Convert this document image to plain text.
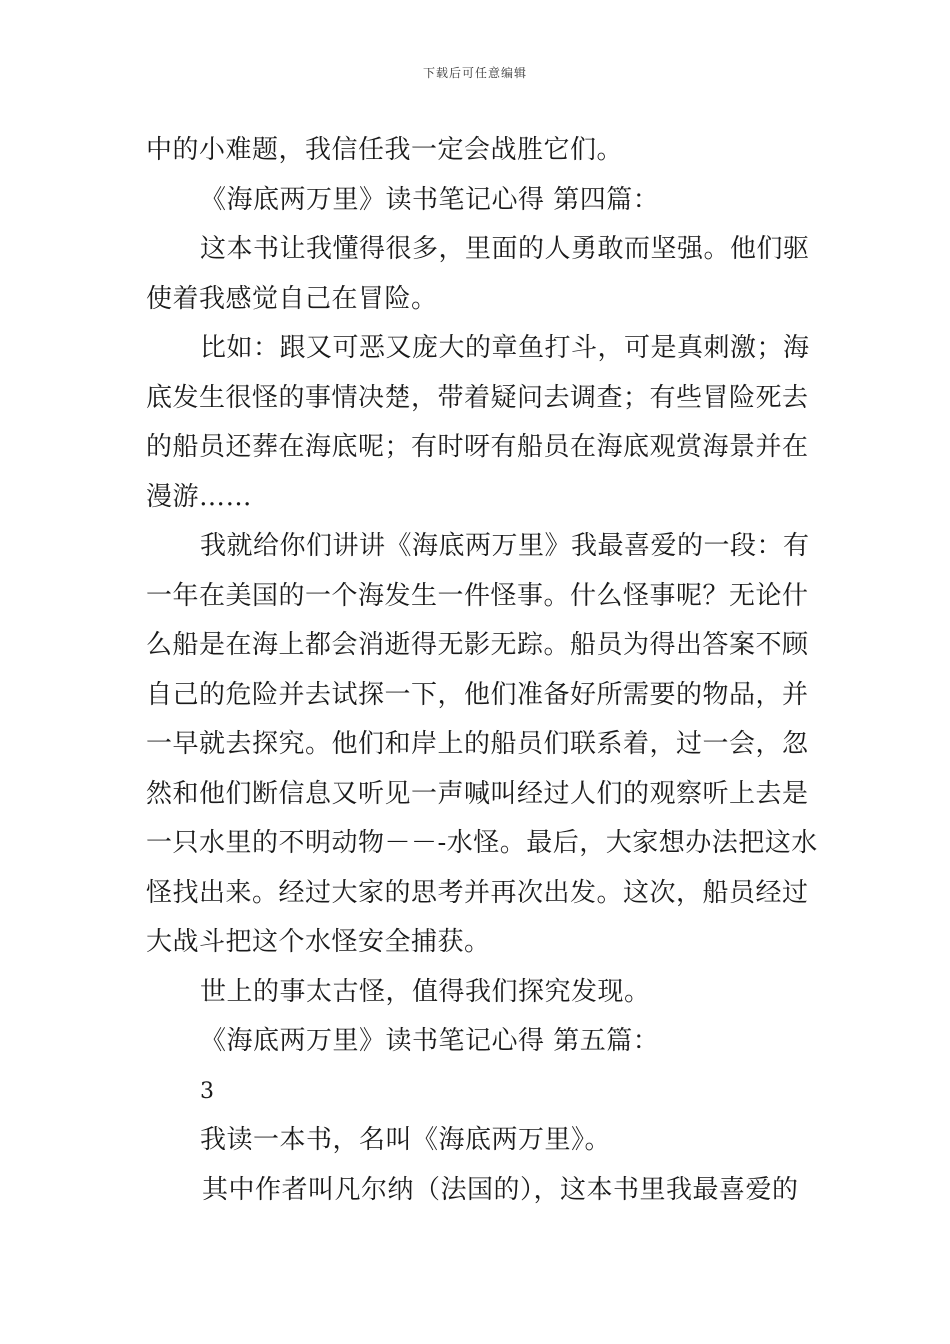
下载后可任意编辑
中的小难题，我信任我一定会战胜它们。
《海底两万里》读书笔记心得 第四篇：
这本书让我懂得很多，里面的人勇敢而坚强。他们驱
使着我感觉自己在冒险。
比如：跟又可恶又庞大的章鱼打斗，可是真刺激；海
底发生很怪的事情决楚，带着疑问去调查；有些冒险死去
的船员还葬在海底呢；有时呀有船员在海底观赏海景并在
漫游……
我就给你们讲讲《海底两万里》我最喜爱的一段：有
一年在美国的一个海发生一件怪事。什么怪事呢？无论什
么船是在海上都会消逝得无影无踪。船员为得出答案不顾
自己的危险并去试探一下，他们准备好所需要的物品，并
一早就去探究。他们和岸上的船员们联系着，过一会，忽
然和他们断信息又听见一声喊叫经过人们的观察听上去是
一只水里的不明动物－－-水怪。最后，大家想办法把这水
怪找出来。经过大家的思考并再次出发。这次，船员经过
大战斗把这个水怪安全捕获。
世上的事太古怪，值得我们探究发现。
《海底两万里》读书笔记心得 第五篇：
3
我读一本书，名叫《海底两万里》。
其中作者叫凡尔纳（法国的），这本书里我最喜爱的
